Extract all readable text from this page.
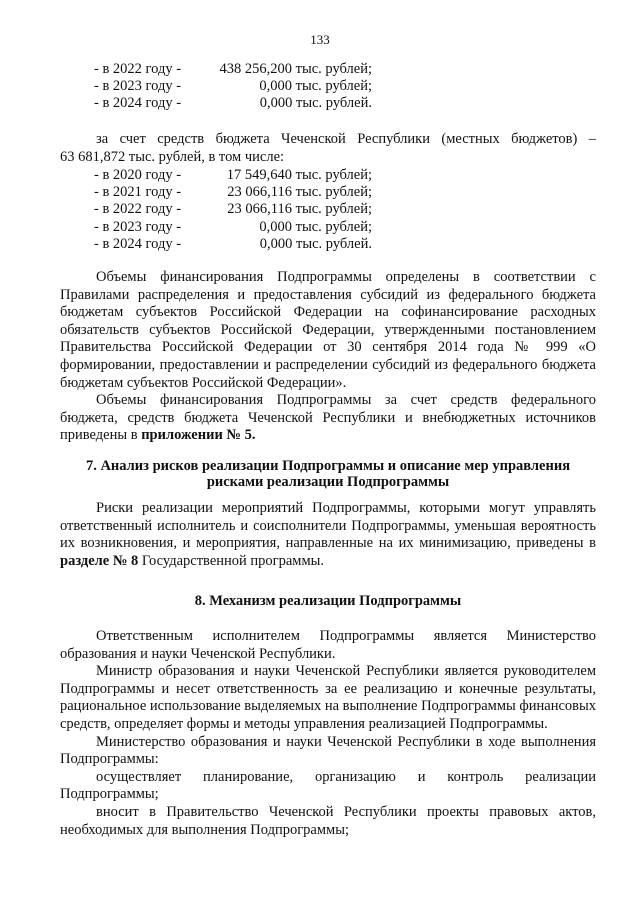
133
- в 2022 году -	438 256,200 тыс. рублей;
- в 2023 году -	0,000 тыс. рублей;
- в 2024 году -	0,000 тыс. рублей.

за счет средств бюджета Чеченской Республики (местных бюджетов) –

63 681,872 тыс. рублей, в том числе:

- в 2020 году -	17 549,640 тыс. рублей;
- в 2021 году -	23 066,116 тыс. рублей;
- в 2022 году -	23 066,116 тыс. рублей;
- в 2023 году -	0,000 тыс. рублей;
- в 2024 году -	0,000 тыс. рублей.

Объемы финансирования Подпрограммы определены в соответствии с Правилами распределения и предоставления субсидий из федерального бюджета бюджетам субъектов Российской Федерации на софинансирование расходных обязательств субъектов Российской Федерации, утвержденными постановлением Правительства Российской Федерации от 30 сентября 2014 года № 999 «О формировании, предоставлении и распределении субсидий из федерального бюджета бюджетам субъектов Российской Федерации».

Объемы финансирования Подпрограммы за счет средств федерального бюджета, средств бюджета Чеченской Республики и внебюджетных источников приведены в приложении № 5.

7. Анализ рисков реализации Подпрограммы и описание мер управления
рисками реализации Подпрограммы

Риски реализации мероприятий Подпрограммы, которыми могут управлять ответственный исполнитель и соисполнители Подпрограммы, уменьшая вероятность их возникновения, и мероприятия, направленные на их минимизацию, приведены в разделе № 8 Государственной программы.

8. Механизм реализации Подпрограммы

Ответственным исполнителем Подпрограммы является Министерство образования и науки Чеченской Республики.

Министр образования и науки Чеченской Республики является руководителем Подпрограммы и несет ответственность за ее реализацию и конечные результаты, рациональное использование выделяемых на выполнение Подпрограммы финансовых средств, определяет формы и методы управления реализацией Подпрограммы.

Министерство образования и науки Чеченской Республики в ходе выполнения Подпрограммы:

осуществляет планирование, организацию и контроль реализации Подпрограммы;

вносит в Правительство Чеченской Республики проекты правовых актов, необходимых для выполнения Подпрограммы;
